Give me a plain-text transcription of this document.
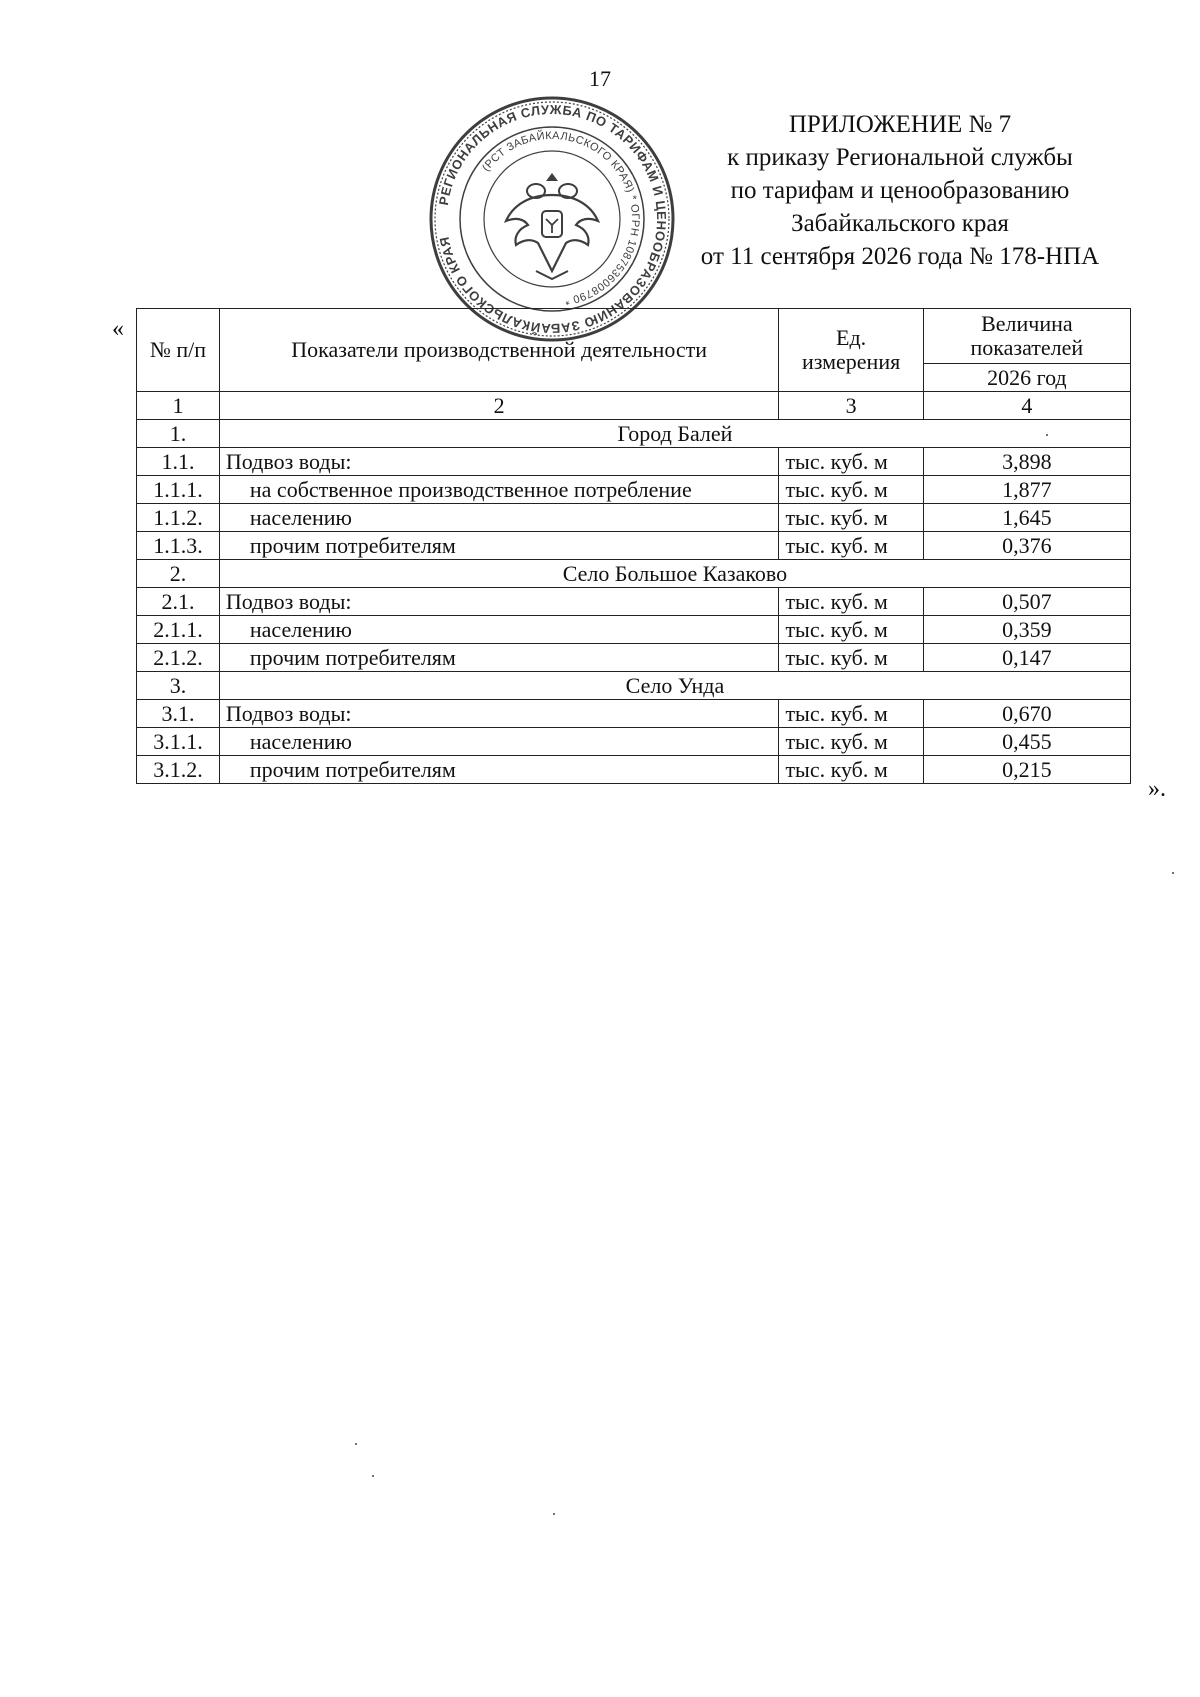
17
ПРИЛОЖЕНИЕ № 7
к приказу Региональной службы
по тарифам и ценообразованию
Забайкальского края
от 11 сентября 2026 года № 178-НПА
РЕГИОНАЛЬНАЯ СЛУЖБА ПО ТАРИФАМ И ЦЕНООБРАЗОВАНИЮ ЗАБАЙКАЛЬСКОГО КРАЯ
(РСТ ЗАБАЙКАЛЬСКОГО КРАЯ) * ОГРН 1087536008790 *
«
№ п/п	Показатели производственной деятельности	Ед. измерения	Величина показателей
			2026 год
1	2	3	4
1.	Город Балей		
1.1.	Подвоз воды:	тыс. куб. м	3,898
1.1.1.	на собственное производственное потребление	тыс. куб. м	1,877
1.1.2.	населению	тыс. куб. м	1,645
1.1.3.	прочим потребителям	тыс. куб. м	0,376
2.	Село Большое Казаково		
2.1.	Подвоз воды:	тыс. куб. м	0,507
2.1.1.	населению	тыс. куб. м	0,359
2.1.2.	прочим потребителям	тыс. куб. м	0,147
3.	Село Унда		
3.1.	Подвоз воды:	тыс. куб. м	0,670
3.1.1.	населению	тыс. куб. м	0,455
3.1.2.	прочим потребителям	тыс. куб. м	0,215
».
